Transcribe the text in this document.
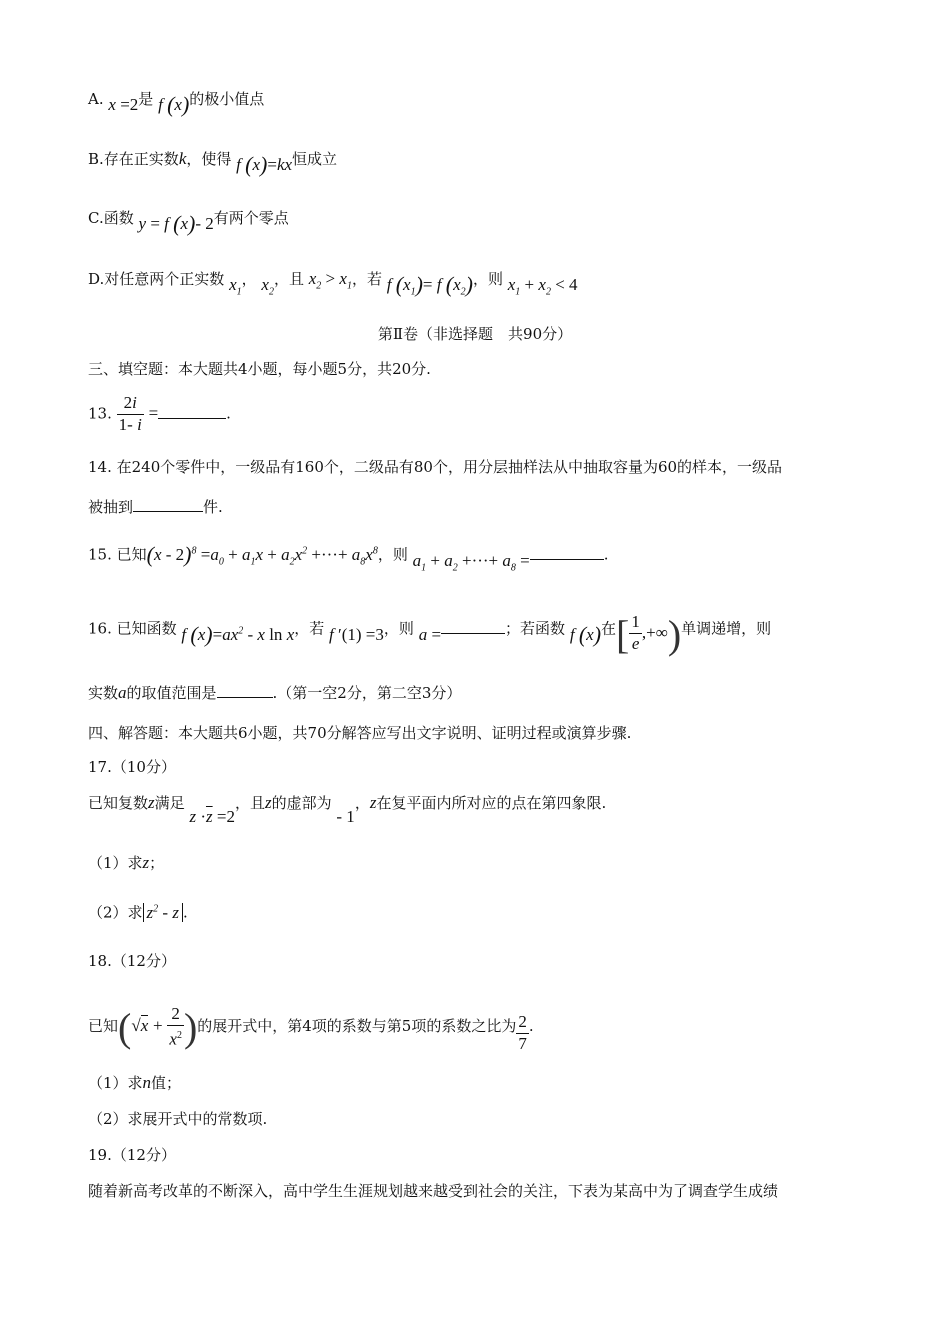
A. x =2是 f (x)的极小值点
B.存在正实数k，使得 f (x)=kx恒成立
C.函数 y = f (x)- 2有两个零点
D.对任意两个正实数 $x_1$， $x_2$，且 $x_2 > x_1$，若 f $(x_1)= f$ $(x_2)$，则 $x_1 + x_2 < 4$
第Ⅱ卷（非选择题　共90分）
三、填空题：本大题共4小题，每小题5分，共20分.
13. $\frac{2i}{1- i}$ =	.
14. 在240个零件中，一级品有160个，二级品有80个，用分层抽样法从中抽取容量为60的样本，一级品
被抽到	件.
15. 已知$(x - 2)^8 =a_0 + a_1x + a_2x^2$ +···+ $a_8x^8$，则 $a_1 + a_2$ +···+ $a_8$ =	.
16. 已知函数 f $(x)=ax^2 - x$ ln x，若 f ′(1) =3，则 a =	；若函数 f (x)在[ $\frac{1}{e}$ ,+∞)单调递增，则
实数a的取值范围是	.（第一空2分，第二空3分）
四、解答题：本大题共6小题，共70分解答应写出文字说明、证明过程或演算步骤.
17.（10分）
已知复数z满足 $z \cdot\overline{z} =2$，且z的虚部为 - 1，z在复平面内所对应的点在第四象限.
（1）求z；
（2）求 $z^2$ - z .
18.（12分）
已知($√x + \frac{2}{x^2}$ )的展开式中，第4项的系数与第5项的系数之比为 $\frac{2}{7}$ .
（1）求n值；
（2）求展开式中的常数项.
19.（12分）
随着新高考改革的不断深入，高中学生生涯规划越来越受到社会的关注，下表为某高中为了调查学生成绩
